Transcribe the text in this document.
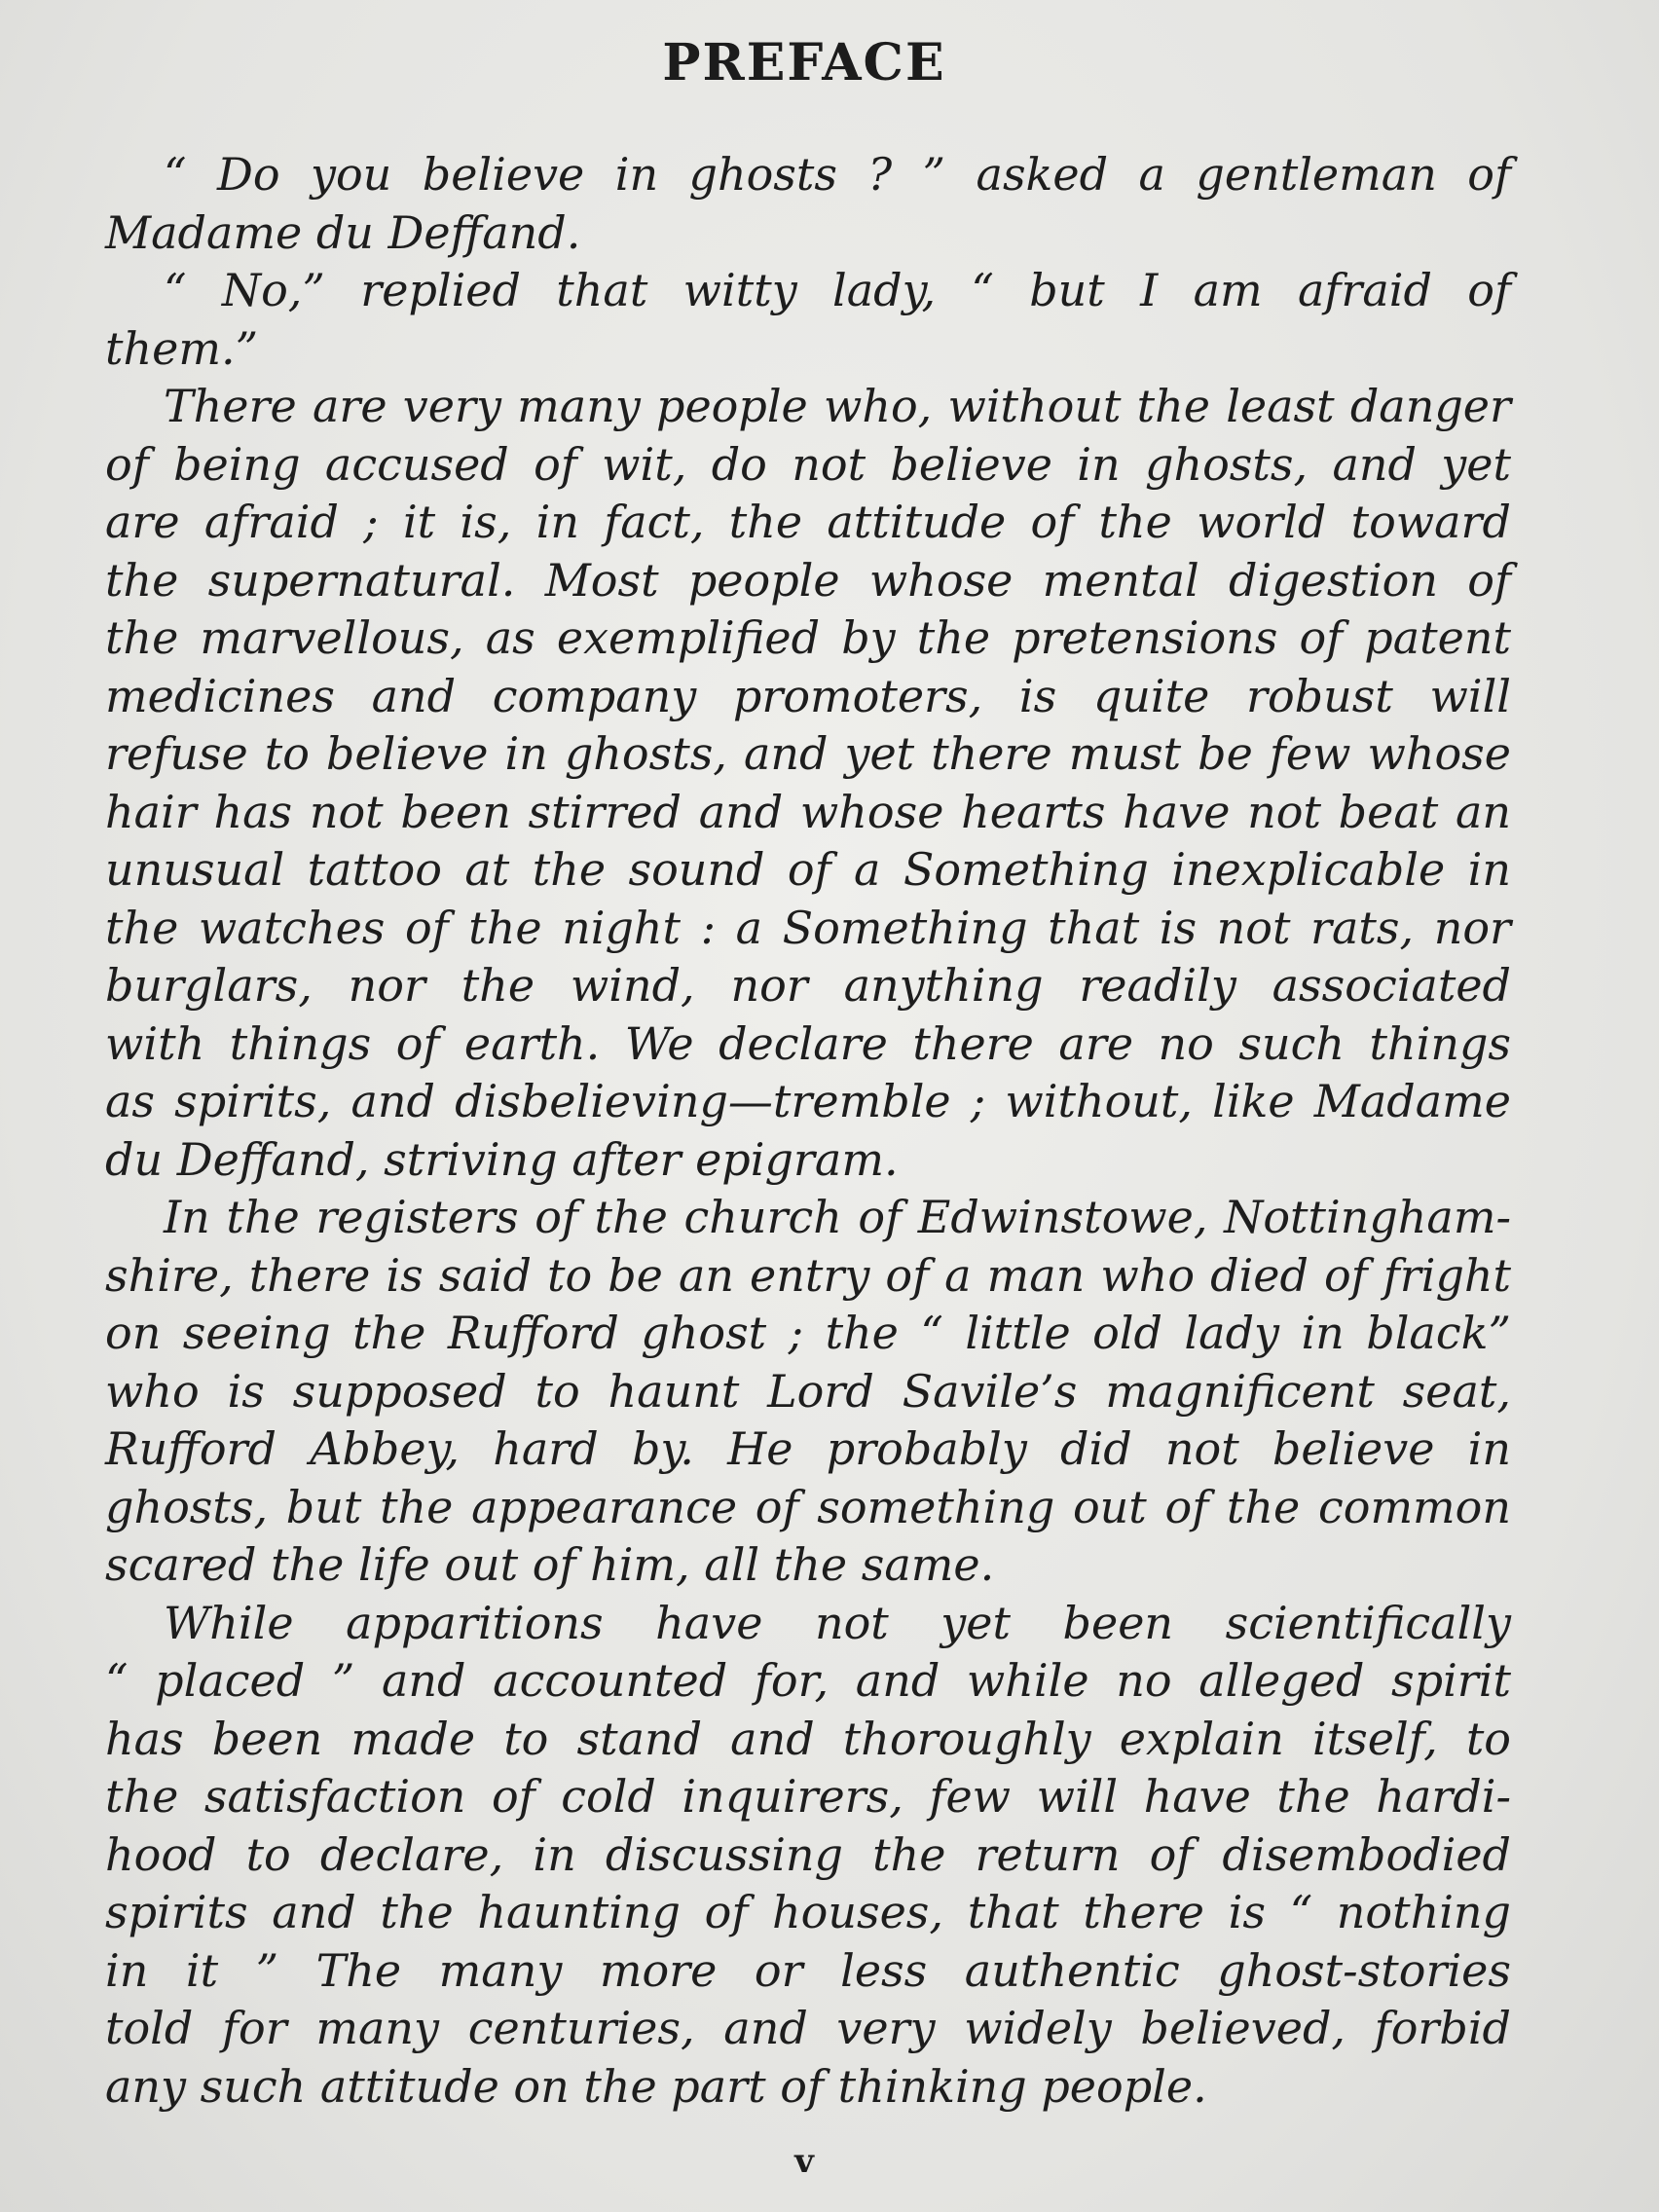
PREFACE
“ Do you believe in ghosts ? ” asked a gentleman of
Madame du Deffand.
“ No,” replied that witty lady, “ but I am afraid of
them.”
There are very many people who, without the least danger
of being accused of wit, do not believe in ghosts, and yet
are afraid ; it is, in fact, the attitude of the world toward
the supernatural. Most people whose mental digestion of
the marvellous, as exemplified by the pretensions of patent
medicines and company promoters, is quite robust will
refuse to believe in ghosts, and yet there must be few whose
hair has not been stirred and whose hearts have not beat an
unusual tattoo at the sound of a Something inexplicable in
the watches of the night : a Something that is not rats, nor
burglars, nor the wind, nor anything readily associated
with things of earth. We declare there are no such things
as spirits, and disbelieving—tremble ; without, like Madame
du Deffand, striving after epigram.
In the registers of the church of Edwinstowe, Nottingham-
shire, there is said to be an entry of a man who died of fright
on seeing the Rufford ghost ; the “ little old lady in black”
who is supposed to haunt Lord Savile’s magnificent seat,
Rufford Abbey, hard by. He probably did not believe in
ghosts, but the appearance of something out of the common
scared the life out of him, all the same.
While apparitions have not yet been scientifically
“ placed ” and accounted for, and while no alleged spirit
has been made to stand and thoroughly explain itself, to
the satisfaction of cold inquirers, few will have the hardi-
hood to declare, in discussing the return of disembodied
spirits and the haunting of houses, that there is “ nothing
in it ” The many more or less authentic ghost-stories
told for many centuries, and very widely believed, forbid
any such attitude on the part of thinking people.
v
